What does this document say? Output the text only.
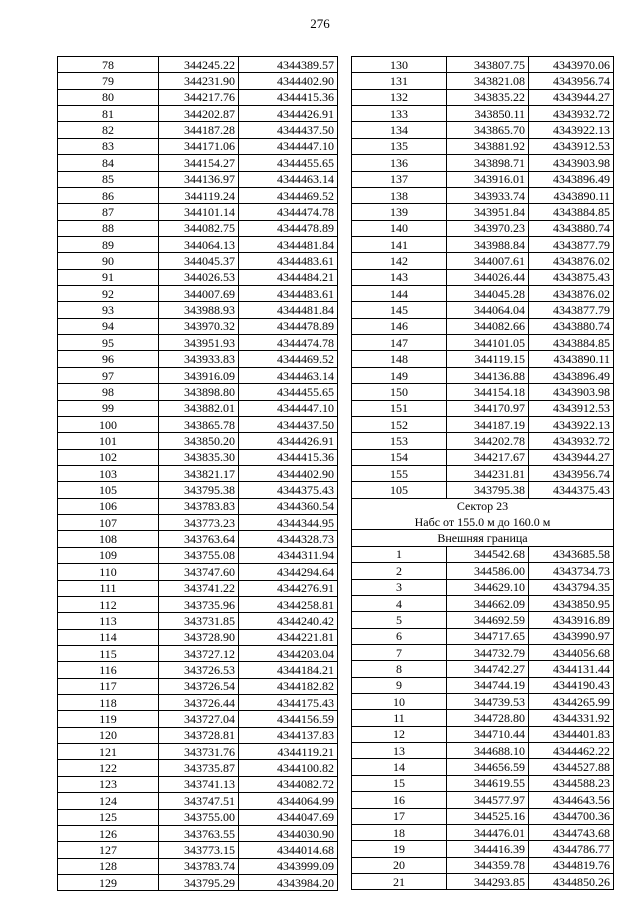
276
78	344245.22	4344389.57
79	344231.90	4344402.90
80	344217.76	4344415.36
81	344202.87	4344426.91
82	344187.28	4344437.50
83	344171.06	4344447.10
84	344154.27	4344455.65
85	344136.97	4344463.14
86	344119.24	4344469.52
87	344101.14	4344474.78
88	344082.75	4344478.89
89	344064.13	4344481.84
90	344045.37	4344483.61
91	344026.53	4344484.21
92	344007.69	4344483.61
93	343988.93	4344481.84
94	343970.32	4344478.89
95	343951.93	4344474.78
96	343933.83	4344469.52
97	343916.09	4344463.14
98	343898.80	4344455.65
99	343882.01	4344447.10
100	343865.78	4344437.50
101	343850.20	4344426.91
102	343835.30	4344415.36
103	343821.17	4344402.90
105	343795.38	4344375.43
106	343783.83	4344360.54
107	343773.23	4344344.95
108	343763.64	4344328.73
109	343755.08	4344311.94
110	343747.60	4344294.64
111	343741.22	4344276.91
112	343735.96	4344258.81
113	343731.85	4344240.42
114	343728.90	4344221.81
115	343727.12	4344203.04
116	343726.53	4344184.21
117	343726.54	4344182.82
118	343726.44	4344175.43
119	343727.04	4344156.59
120	343728.81	4344137.83
121	343731.76	4344119.21
122	343735.87	4344100.82
123	343741.13	4344082.72
124	343747.51	4344064.99
125	343755.00	4344047.69
126	343763.55	4344030.90
127	343773.15	4344014.68
128	343783.74	4343999.09
129	343795.29	4343984.20
130	343807.75	4343970.06
131	343821.08	4343956.74
132	343835.22	4343944.27
133	343850.11	4343932.72
134	343865.70	4343922.13
135	343881.92	4343912.53
136	343898.71	4343903.98
137	343916.01	4343896.49
138	343933.74	4343890.11
139	343951.84	4343884.85
140	343970.23	4343880.74
141	343988.84	4343877.79
142	344007.61	4343876.02
143	344026.44	4343875.43
144	344045.28	4343876.02
145	344064.04	4343877.79
146	344082.66	4343880.74
147	344101.05	4343884.85
148	344119.15	4343890.11
149	344136.88	4343896.49
150	344154.18	4343903.98
151	344170.97	4343912.53
152	344187.19	4343922.13
153	344202.78	4343932.72
154	344217.67	4343944.27
155	344231.81	4343956.74
105	343795.38	4344375.43
Сектор 23		
Набс от 155.0 м до 160.0 м		
Внешняя граница		
1	344542.68	4343685.58
2	344586.00	4343734.73
3	344629.10	4343794.35
4	344662.09	4343850.95
5	344692.59	4343916.89
6	344717.65	4343990.97
7	344732.79	4344056.68
8	344742.27	4344131.44
9	344744.19	4344190.43
10	344739.53	4344265.99
11	344728.80	4344331.92
12	344710.44	4344401.83
13	344688.10	4344462.22
14	344656.59	4344527.88
15	344619.55	4344588.23
16	344577.97	4344643.56
17	344525.16	4344700.36
18	344476.01	4344743.68
19	344416.39	4344786.77
20	344359.78	4344819.76
21	344293.85	4344850.26
